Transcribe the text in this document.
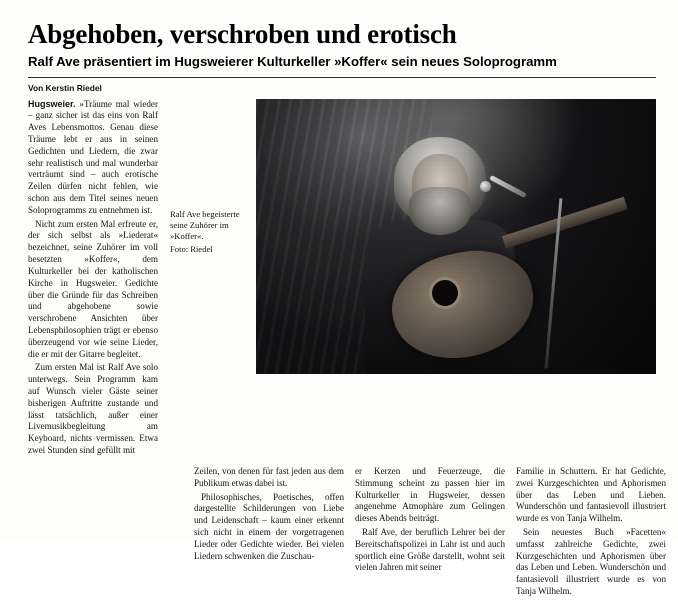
Abgehoben, verschroben und erotisch
Ralf Ave präsentiert im Hugsweierer Kulturkeller »Koffer« sein neues Soloprogramm
Von Kerstin Riedel

Hugsweier. »Träume mal wieder – ganz sicher ist das eins von Ralf Aves Lebensmottos. Genau diese Träume lebt er aus in seinen Gedichten und Liedern, die zwar sehr realistisch und mal wunderbar verträumt sind – auch erotische Zeilen dürfen nicht fehlen, wie schon aus dem Titel seines neuen Soloprogramms zu entnehmen ist.

Nicht zum ersten Mal erfreute er, der sich selbst als »Liederat« bezeichnet, seine Zuhörer im voll besetzten »Koffer«, dem Kulturkeller bei der katholischen Kirche in Hugsweier. Gedichte über die Gründe für das Schreiben und abgehobene sowie verschrobene Ansichten über Lebensphilosophien trägt er ebenso überzeugend vor wie seine Lieder, die er mit der Gitarre begleitet.

Zum ersten Mal ist Ralf Ave solo unterwegs. Sein Programm kam auf Wunsch vieler Gäste seiner bisherigen Auftritte zustande und lässt tatsächlich, außer einer Livemusikbegleitung am Keyboard, nichts vermissen. Etwa zwei Stunden sind gefüllt mit

Ralf Ave begeisterte seine Zuhörer im »Koffer«.
Foto: Riedel

Zeilen, von denen für fast jeden aus dem Publikum etwas dabei ist.

Philosophisches, Poetisches, offen dargestellte Schilderungen von Liebe und Leidenschaft – kaum einer erkennt sich nicht in einem der vorgetragenen Lieder oder Gedichte wieder. Bei vielen Liedern schwenken die Zuschau-

er Kerzen und Feuerzeuge, die Stimmung scheint zu passen hier im Kulturkeller in Hugsweier, dessen angenehme Atmophäre zum Gelingen dieses Abends beiträgt.

Ralf Ave, der beruflich Lehrer bei der Bereitschaftspolizei in Lahr ist und auch sportlich eine Größe darstellt, wohnt seit vielen Jahren mit seiner

Familie in Schuttern. Er hat Gedichte, zwei Kurzgeschichten und Aphorismen über das Leben und Lieben. Wunderschön und fantasievoll illustriert wurde es von Tanja Wilhelm.

Sein neuestes Buch »Facetten« umfasst zahlreiche Gedichte, zwei Kurzgeschichten und Aphorismen über das Leben und Leben. Wunderschön und fantasievoll illustriert wurde es von Tanja Wilhelm.
